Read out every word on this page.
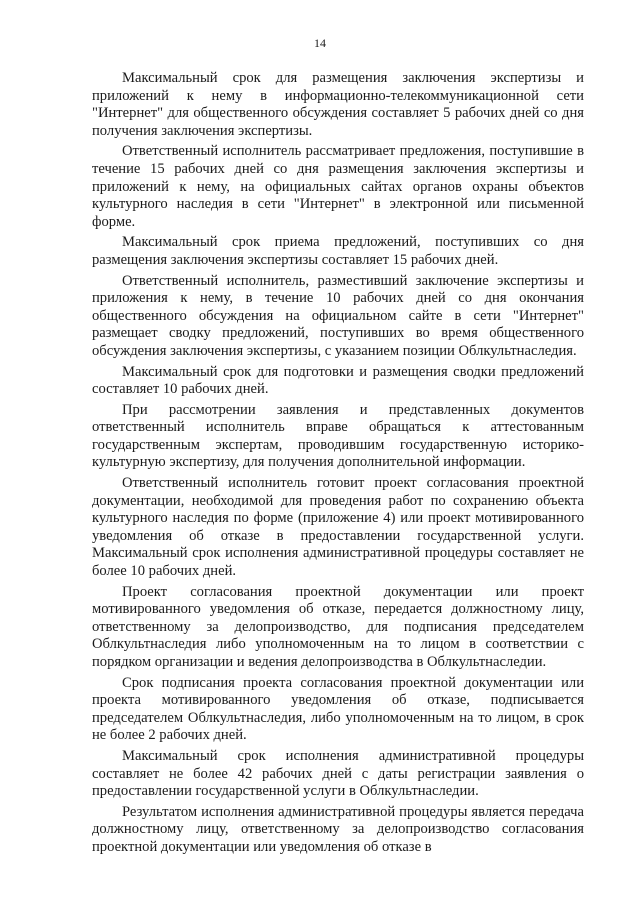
14

Максимальный срок для размещения заключения экспертизы и приложений к нему в информационно-телекоммуникационной сети "Интернет" для общественного обсуждения составляет 5 рабочих дней со дня получения заключения экспертизы.

Ответственный исполнитель рассматривает предложения, поступившие в течение 15 рабочих дней со дня размещения заключения экспертизы и приложений к нему, на официальных сайтах органов охраны объектов культурного наследия в сети "Интернет" в электронной или письменной форме.

Максимальный срок приема предложений, поступивших со дня размещения заключения экспертизы составляет 15 рабочих дней.

Ответственный исполнитель, разместивший заключение экспертизы и приложения к нему, в течение 10 рабочих дней со дня окончания общественного обсуждения на официальном сайте в сети "Интернет" размещает сводку предложений, поступивших во время общественного обсуждения заключения экспертизы, с указанием позиции Облкультнаследия.

Максимальный срок для подготовки и размещения сводки предложений составляет 10 рабочих дней.

При рассмотрении заявления и представленных документов ответственный исполнитель вправе обращаться к аттестованным государственным экспертам, проводившим государственную историко-культурную экспертизу, для получения дополнительной информации.

Ответственный исполнитель готовит проект согласования проектной документации, необходимой для проведения работ по сохранению объекта культурного наследия по форме (приложение 4) или проект мотивированного уведомления об отказе в предоставлении государственной услуги. Максимальный срок исполнения административной процедуры составляет не более 10 рабочих дней.

Проект согласования проектной документации или проект мотивированного уведомления об отказе, передается должностному лицу, ответственному за делопроизводство, для подписания председателем Облкультнаследия либо уполномоченным на то лицом в соответствии с порядком организации и ведения делопроизводства в Облкультнаследии.

Срок подписания проекта согласования проектной документации или проекта мотивированного уведомления об отказе, подписывается председателем Облкультнаследия, либо уполномоченным на то лицом, в срок не более 2 рабочих дней.

Максимальный срок исполнения административной процедуры составляет не более 42 рабочих дней с даты регистрации заявления о предоставлении государственной услуги в Облкультнаследии.

Результатом исполнения административной процедуры является передача должностному лицу, ответственному за делопроизводство согласования проектной документации или уведомления об отказе в
